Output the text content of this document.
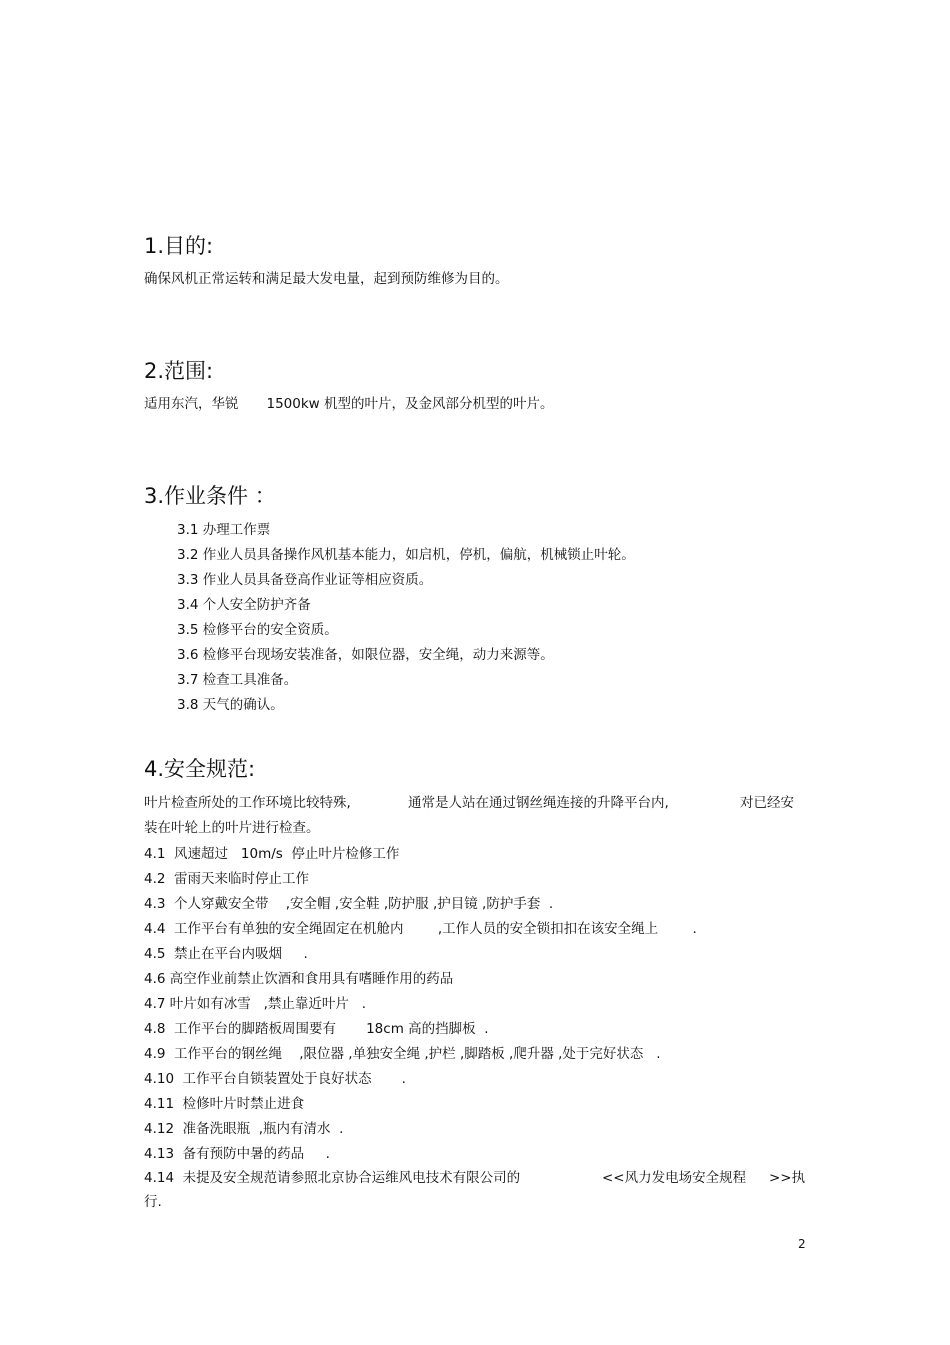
1.目的:
确保风机正常运转和满足最大发电量，起到预防维修为目的。
2.范围:
适用东汽，华锐 1500kw 机型的叶片，及金风部分机型的叶片。
3.作业条件 ：
3.1 办理工作票
3.2 作业人员具备操作风机基本能力，如启机，停机，偏航，机械锁止叶轮。
3.3 作业人员具备登高作业证等相应资质。
3.4 个人安全防护齐备
3.5 检修平台的安全资质。
3.6 检修平台现场安装准备，如限位器，安全绳，动力来源等。
3.7 检查工具准备。
3.8 天气的确认。
4.安全规范:
叶片检查所处的工作环境比较特殊,	通常是人站在通过钢丝绳连接的升降平台内,	对已经安
装在叶轮上的叶片进行检查。
4.1  风速超过   10m/s  停止叶片检修工作
4.2  雷雨天来临时停止工作
4.3  个人穿戴安全带    ,安全帽 ,安全鞋 ,防护服 ,护目镜 ,防护手套  .
4.4  工作平台有单独的安全绳固定在机舱内        ,工作人员的安全锁扣扣在该安全绳上        .
4.5  禁止在平台内吸烟     .
4.6 高空作业前禁止饮酒和食用具有嗜睡作用的药品
4.7 叶片如有冰雪   ,禁止靠近叶片   .
4.8  工作平台的脚踏板周围要有       18cm 高的挡脚板  .
4.9  工作平台的钢丝绳    ,限位器 ,单独安全绳 ,护栏 ,脚踏板 ,爬升器 ,处于完好状态   .
4.10  工作平台自锁装置处于良好状态       .
4.11  检修叶片时禁止进食
4.12  准备洗眼瓶  ,瓶内有清水  .
4.13  备有预防中暑的药品     .
4.14  未提及安全规范请参照北京协合运维风电技术有限公司的	<<风力发电场安全规程 >>执
行.
2
